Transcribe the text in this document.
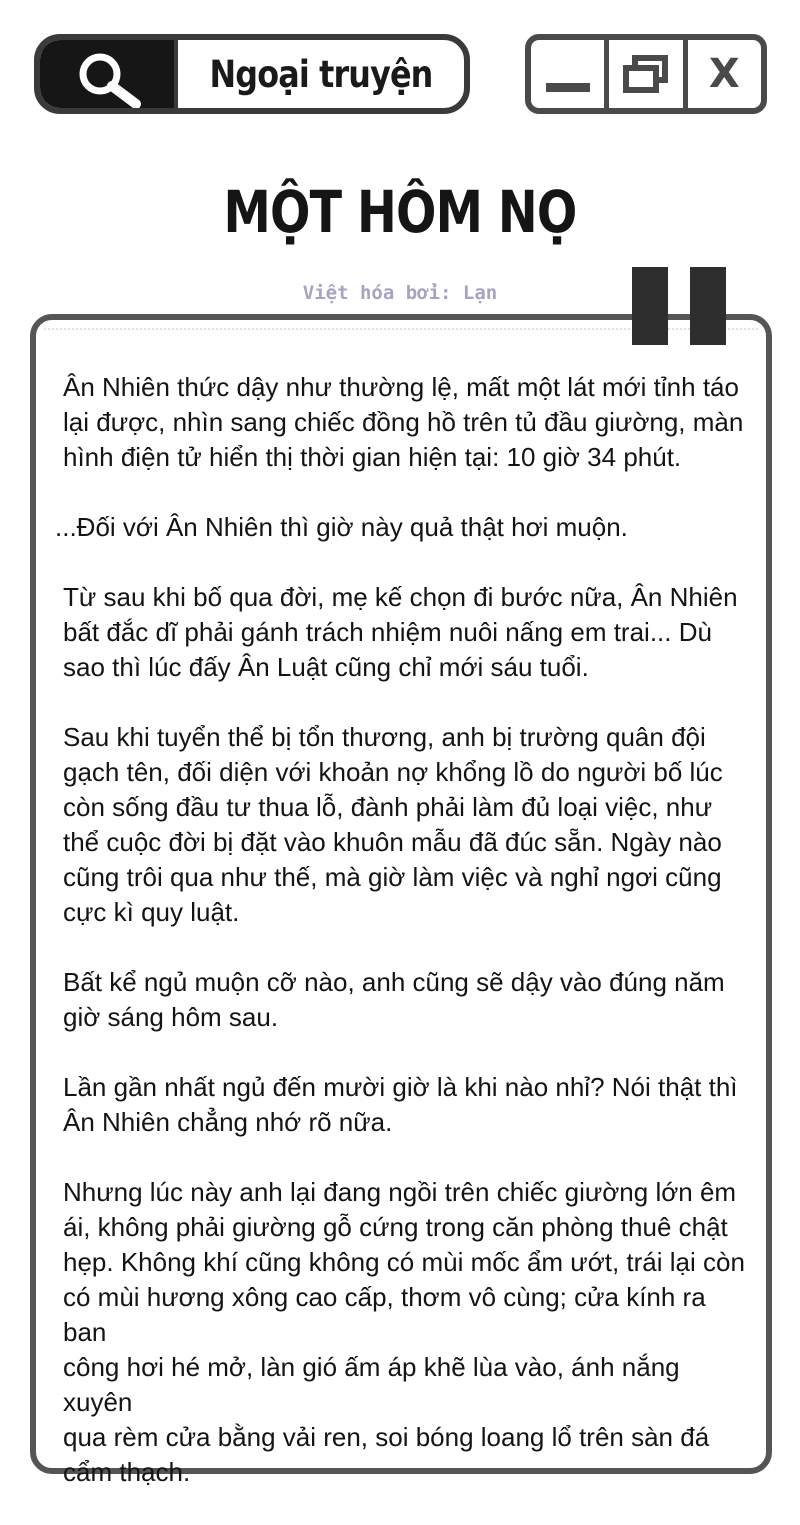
Ngoại truyện	X
MỘT HÔM NỌ
Việt hóa bởi: Lạn

Ân Nhiên thức dậy như thường lệ, mất một lát mới tỉnh táo
lại được, nhìn sang chiếc đồng hồ trên tủ đầu giường, màn
hình điện tử hiển thị thời gian hiện tại: 10 giờ 34 phút.

...Đối với Ân Nhiên thì giờ này quả thật hơi muộn.

Từ sau khi bố qua đời, mẹ kế chọn đi bước nữa, Ân Nhiên
bất đắc dĩ phải gánh trách nhiệm nuôi nấng em trai... Dù
sao thì lúc đấy Ân Luật cũng chỉ mới sáu tuổi.

Sau khi tuyển thể bị tổn thương, anh bị trường quân đội
gạch tên, đối diện với khoản nợ khổng lồ do người bố lúc
còn sống đầu tư thua lỗ, đành phải làm đủ loại việc, như
thể cuộc đời bị đặt vào khuôn mẫu đã đúc sẵn. Ngày nào
cũng trôi qua như thế, mà giờ làm việc và nghỉ ngơi cũng
cực kì quy luật.

Bất kể ngủ muộn cỡ nào, anh cũng sẽ dậy vào đúng năm
giờ sáng hôm sau.

Lần gần nhất ngủ đến mười giờ là khi nào nhỉ? Nói thật thì
Ân Nhiên chẳng nhớ rõ nữa.

Nhưng lúc này anh lại đang ngồi trên chiếc giường lớn êm
ái, không phải giường gỗ cứng trong căn phòng thuê chật
hẹp. Không khí cũng không có mùi mốc ẩm ướt, trái lại còn
có mùi hương xông cao cấp, thơm vô cùng; cửa kính ra ban
công hơi hé mở, làn gió ấm áp khẽ lùa vào, ánh nắng xuyên
qua rèm cửa bằng vải ren, soi bóng loang lổ trên sàn đá
cẩm thạch.
